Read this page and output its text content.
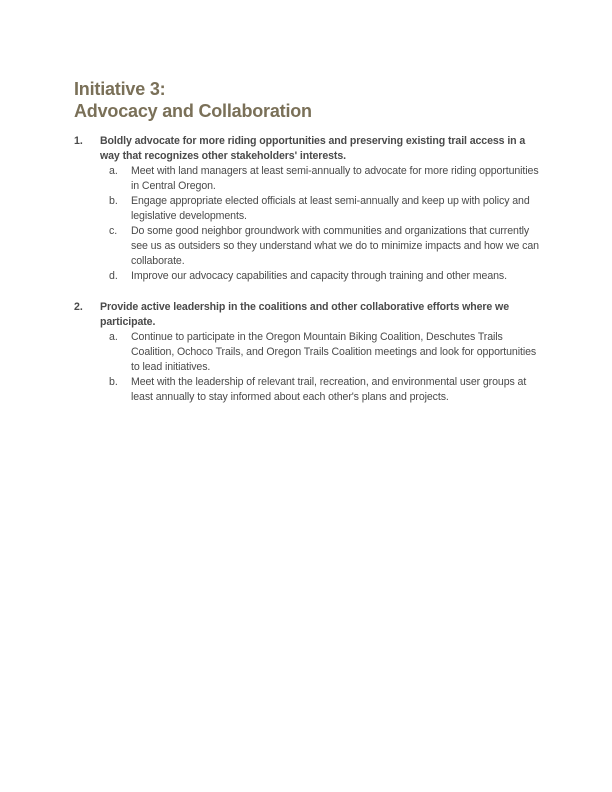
Initiative 3:
Advocacy and Collaboration
1.	Boldly advocate for more riding opportunities and preserving existing trail access in a way that recognizes other stakeholders' interests.
a.	Meet with land managers at least semi-annually to advocate for more riding opportunities in Central Oregon.
b.	Engage appropriate elected officials at least semi-annually and keep up with policy and legislative developments.
c.	Do some good neighbor groundwork with communities and organizations that currently see us as outsiders so they understand what we do to minimize impacts and how we can collaborate.
d.	Improve our advocacy capabilities and capacity through training and other means.
2.	Provide active leadership in the coalitions and other collaborative efforts where we participate.
a.	Continue to participate in the Oregon Mountain Biking Coalition, Deschutes Trails Coalition, Ochoco Trails, and Oregon Trails Coalition meetings and look for opportunities to lead initiatives.
b.	Meet with the leadership of relevant trail, recreation, and environmental user groups at least annually to stay informed about each other's plans and projects.
